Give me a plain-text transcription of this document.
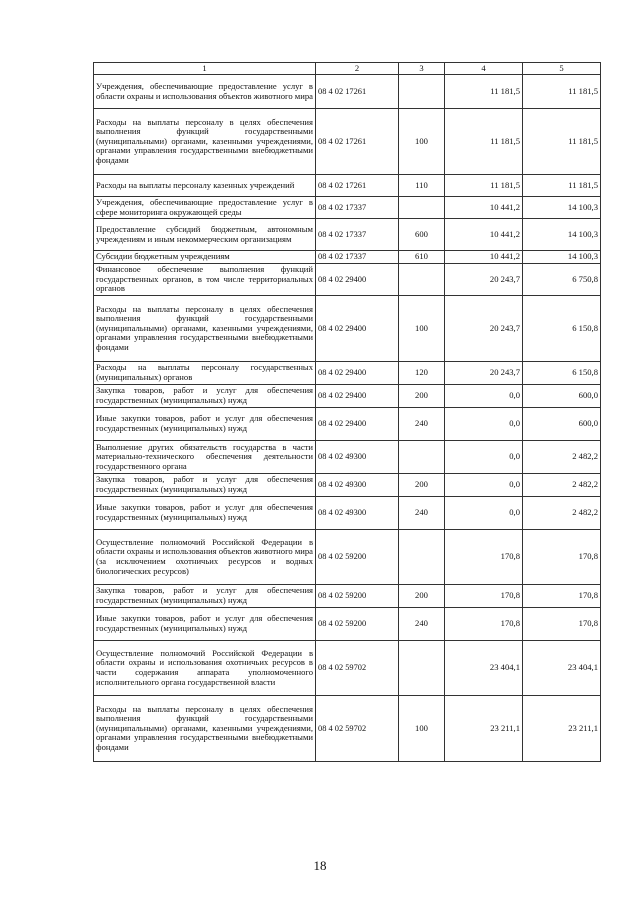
1	2	3	4	5
Учреждения, обеспечивающие предоставление услуг в области охраны и использования объектов животного мира	08 4 02 17261		11 181,5	11 181,5
Расходы на выплаты персоналу в целях обеспечения выполнения функций государственными (муниципальными) органами, казенными учреждениями, органами управления государственными внебюджетными фондами	08 4 02 17261	100	11 181,5	11 181,5
Расходы на выплаты персоналу казенных учреждений	08 4 02 17261	110	11 181,5	11 181,5
Учреждения, обеспечивающие предоставление услуг в сфере мониторинга окружающей среды	08 4 02 17337		10 441,2	14 100,3
Предоставление субсидий бюджетным, автономным учреждениям и иным некоммерческим организациям	08 4 02 17337	600	10 441,2	14 100,3
Субсидии бюджетным учреждениям	08 4 02 17337	610	10 441,2	14 100,3
Финансовое обеспечение выполнения функций государственных органов, в том числе территориальных органов	08 4 02 29400		20 243,7	6 750,8
Расходы на выплаты персоналу в целях обеспечения выполнения функций государственными (муниципальными) органами, казенными учреждениями, органами управления государственными внебюджетными фондами	08 4 02 29400	100	20 243,7	6 150,8
Расходы на выплаты персоналу государственных (муниципальных) органов	08 4 02 29400	120	20 243,7	6 150,8
Закупка товаров, работ и услуг для обеспечения государственных (муниципальных) нужд	08 4 02 29400	200	0,0	600,0
Иные закупки товаров, работ и услуг для обеспечения государственных (муниципальных) нужд	08 4 02 29400	240	0,0	600,0
Выполнение других обязательств государства в части материально-технического обеспечения деятельности государственного органа	08 4 02 49300		0,0	2 482,2
Закупка товаров, работ и услуг для обеспечения государственных (муниципальных) нужд	08 4 02 49300	200	0,0	2 482,2
Иные закупки товаров, работ и услуг для обеспечения государственных (муниципальных) нужд	08 4 02 49300	240	0,0	2 482,2
Осуществление полномочий Российской Федерации в области охраны и использования объектов животного мира (за исключением охотничьих ресурсов и водных биологических ресурсов)	08 4 02 59200		170,8	170,8
Закупка товаров, работ и услуг для обеспечения государственных (муниципальных) нужд	08 4 02 59200	200	170,8	170,8
Иные закупки товаров, работ и услуг для обеспечения государственных (муниципальных) нужд	08 4 02 59200	240	170,8	170,8
Осуществление полномочий Российской Федерации в области охраны и использования охотничьих ресурсов в части содержания аппарата уполномоченного исполнительного органа государственной власти	08 4 02 59702		23 404,1	23 404,1
Расходы на выплаты персоналу в целях обеспечения выполнения функций государственными (муниципальными) органами, казенными учреждениями, органами управления государственными внебюджетными фондами	08 4 02 59702	100	23 211,1	23 211,1
18
